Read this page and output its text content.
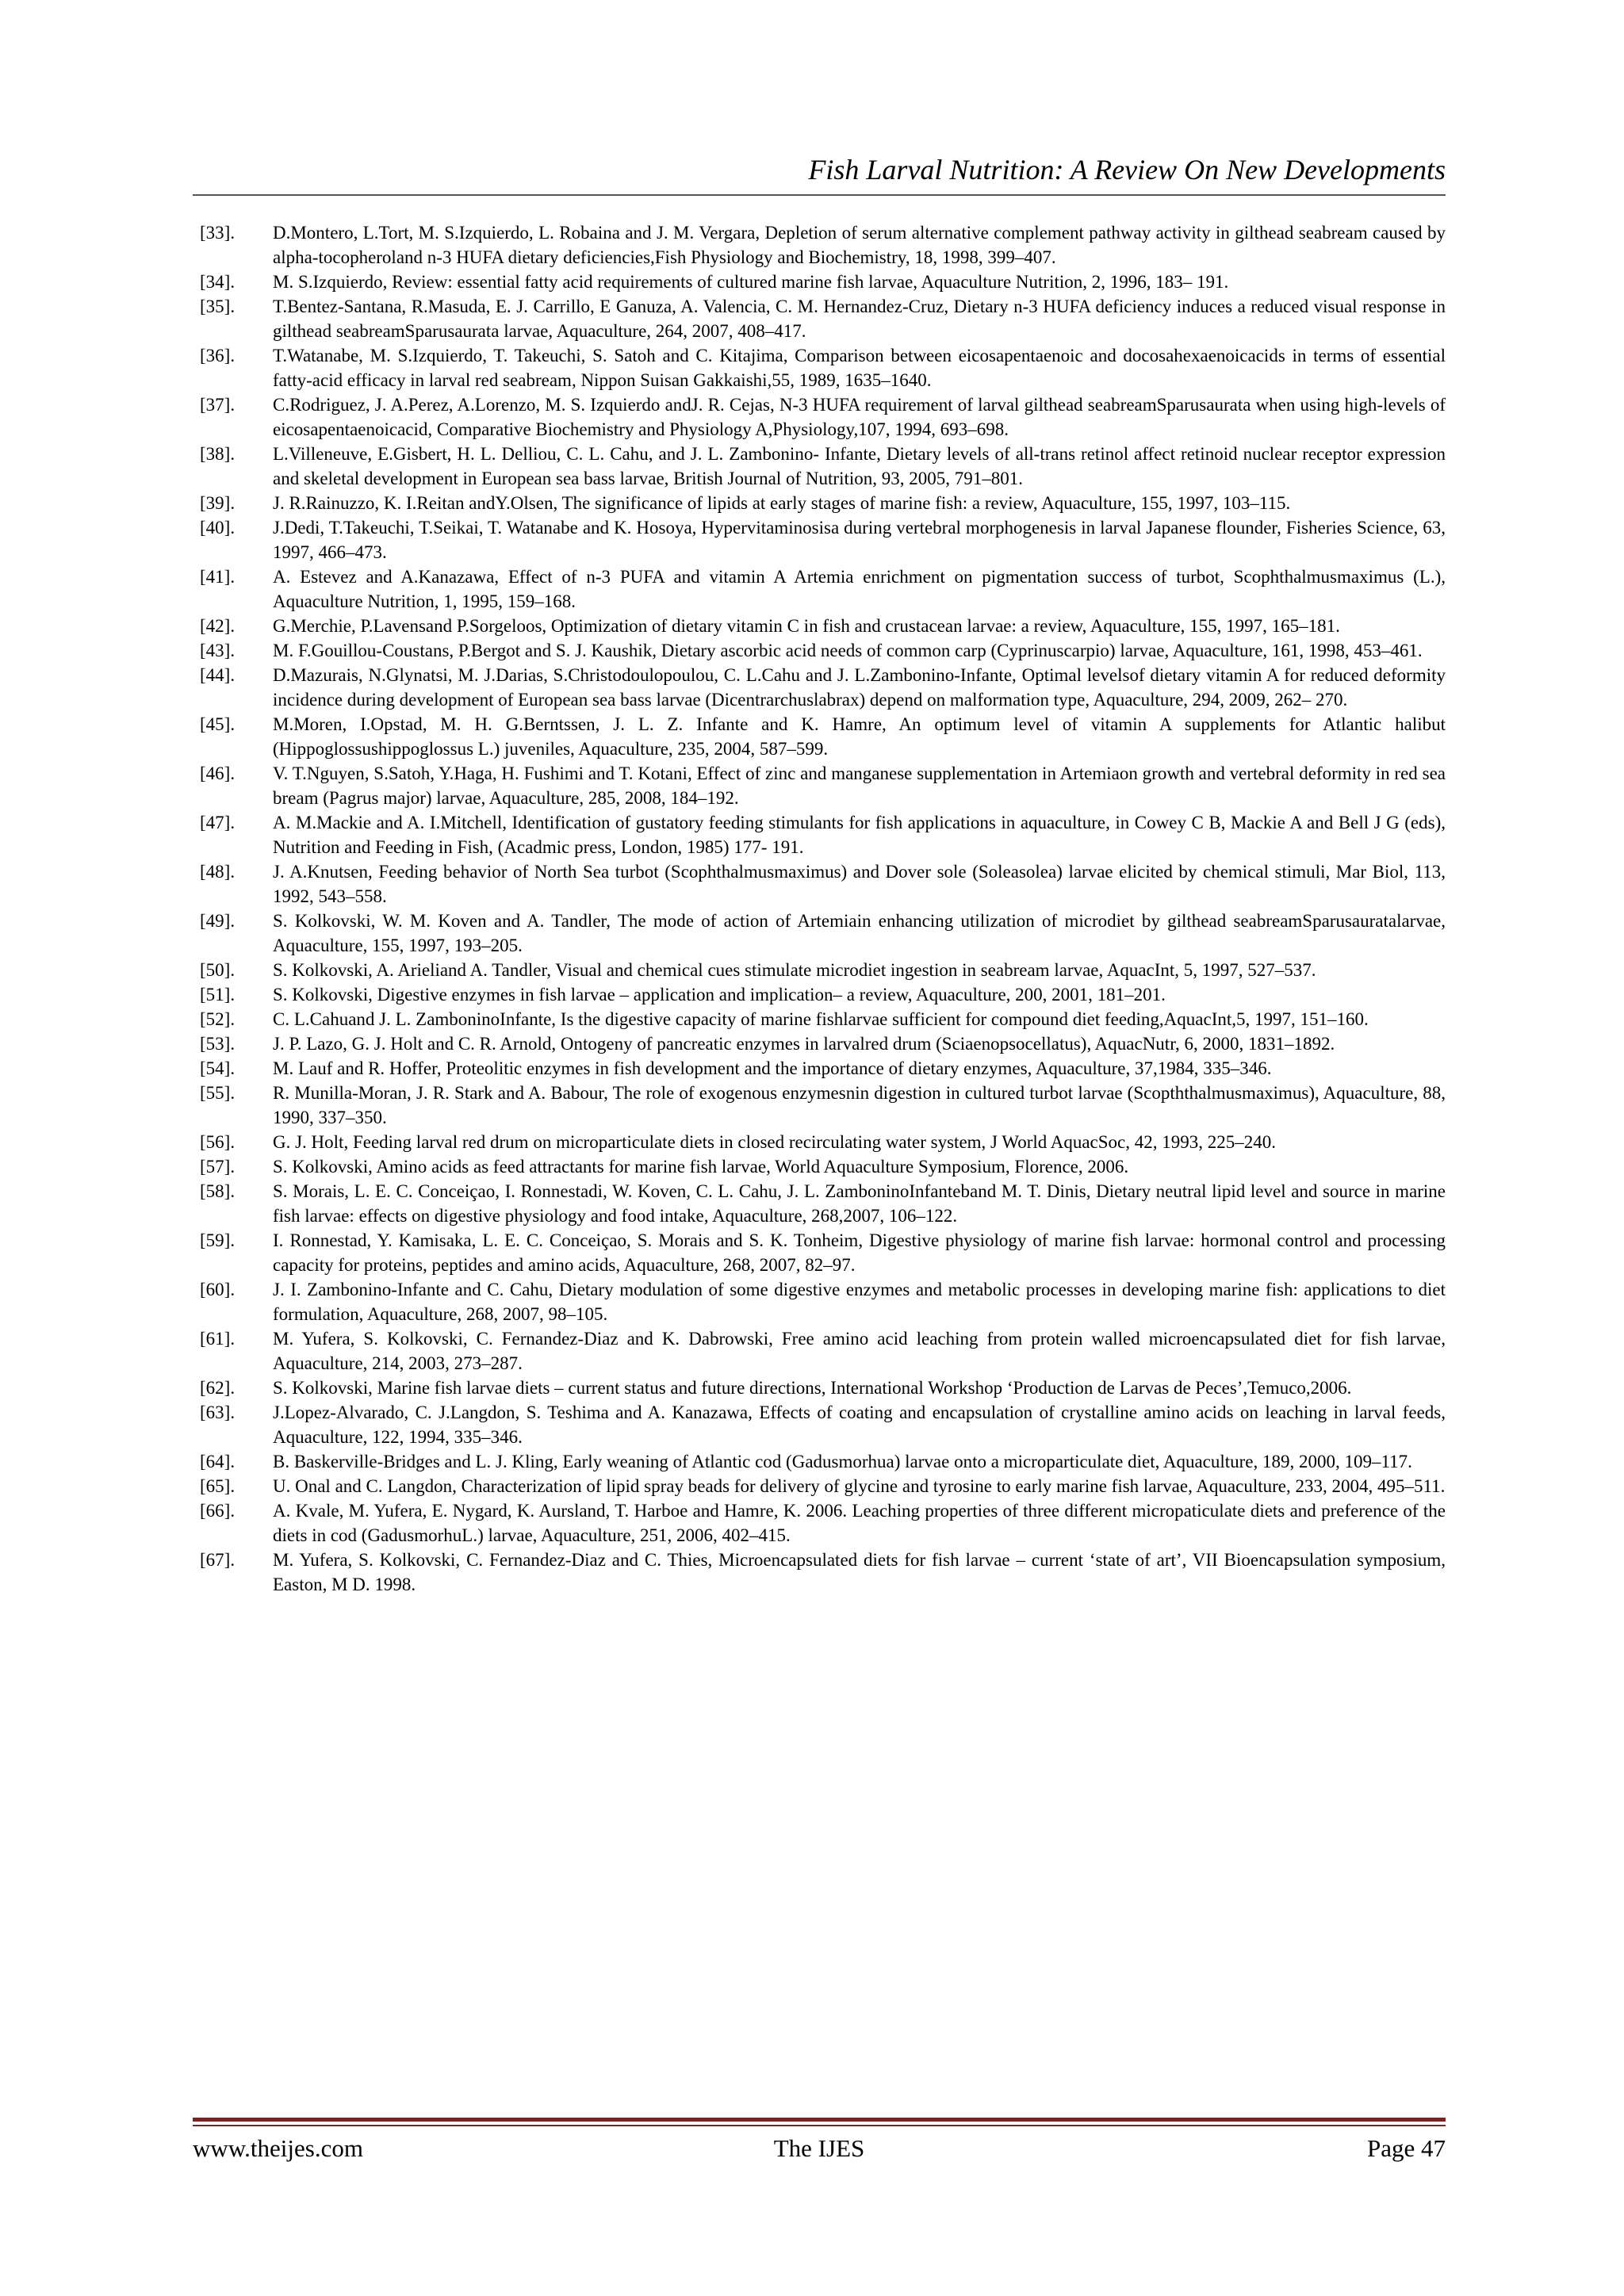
Fish Larval Nutrition: A Review On New Developments
[33].	D.Montero, L.Tort, M. S.Izquierdo, L. Robaina and J. M. Vergara, Depletion of serum alternative complement pathway activity in gilthead seabream caused by alpha-tocopheroland n-3 HUFA dietary deficiencies,Fish Physiology and Biochemistry, 18, 1998, 399–407.
[34].	M. S.Izquierdo, Review: essential fatty acid requirements of cultured marine fish larvae, Aquaculture Nutrition, 2, 1996, 183– 191.
[35].	T.Bentez-Santana, R.Masuda, E. J. Carrillo, E Ganuza, A. Valencia, C. M. Hernandez-Cruz, Dietary n-3 HUFA deficiency induces a reduced visual response in gilthead seabreamSparusaurata larvae, Aquaculture, 264, 2007, 408–417.
[36].	T.Watanabe, M. S.Izquierdo, T. Takeuchi, S. Satoh and C. Kitajima, Comparison between eicosapentaenoic and docosahexaenoicacids in terms of essential fatty-acid efficacy in larval red seabream, Nippon Suisan Gakkaishi,55, 1989, 1635–1640.
[37].	C.Rodriguez, J. A.Perez, A.Lorenzo, M. S. Izquierdo andJ. R. Cejas, N-3 HUFA requirement of larval gilthead seabreamSparusaurata when using high-levels of eicosapentaenoicacid, Comparative Biochemistry and Physiology A,Physiology,107, 1994, 693–698.
[38].	L.Villeneuve, E.Gisbert, H. L. Delliou, C. L. Cahu, and J. L. Zambonino- Infante, Dietary levels of all-trans retinol affect retinoid nuclear receptor expression and skeletal development in European sea bass larvae, British Journal of Nutrition, 93, 2005, 791–801.
[39].	J. R.Rainuzzo, K. I.Reitan andY.Olsen, The significance of lipids at early stages of marine fish: a review, Aquaculture, 155, 1997, 103–115.
[40].	J.Dedi, T.Takeuchi, T.Seikai, T. Watanabe and K. Hosoya, Hypervitaminosisa during vertebral morphogenesis in larval Japanese flounder, Fisheries Science, 63, 1997, 466–473.
[41].	A. Estevez and A.Kanazawa, Effect of n-3 PUFA and vitamin A Artemia enrichment on pigmentation success of turbot, Scophthalmusmaximus (L.), Aquaculture Nutrition, 1, 1995, 159–168.
[42].	G.Merchie, P.Lavensand P.Sorgeloos, Optimization of dietary vitamin C in fish and crustacean larvae: a review, Aquaculture, 155, 1997, 165–181.
[43].	M. F.Gouillou-Coustans, P.Bergot and S. J. Kaushik, Dietary ascorbic acid needs of common carp (Cyprinuscarpio) larvae, Aquaculture, 161, 1998, 453–461.
[44].	D.Mazurais, N.Glynatsi, M. J.Darias, S.Christodoulopoulou, C. L.Cahu and J. L.Zambonino-Infante, Optimal levelsof dietary vitamin A for reduced deformity incidence during development of European sea bass larvae (Dicentrarchuslabrax) depend on malformation type, Aquaculture, 294, 2009, 262– 270.
[45].	M.Moren, I.Opstad, M. H. G.Berntssen, J. L. Z. Infante and K. Hamre, An optimum level of vitamin A supplements for Atlantic halibut (Hippoglossushippoglossus L.) juveniles, Aquaculture, 235, 2004, 587–599.
[46].	V. T.Nguyen, S.Satoh, Y.Haga, H. Fushimi and T. Kotani, Effect of zinc and manganese supplementation in Artemiaon growth and vertebral deformity in red sea bream (Pagrus major) larvae, Aquaculture, 285, 2008, 184–192.
[47].	A. M.Mackie and A. I.Mitchell, Identification of gustatory feeding stimulants for fish applications in aquaculture, in Cowey C B, Mackie A and Bell J G (eds), Nutrition and Feeding in Fish, (Acadmic press, London, 1985) 177- 191.
[48].	J. A.Knutsen, Feeding behavior of North Sea turbot (Scophthalmusmaximus) and Dover sole (Soleasolea) larvae elicited by chemical stimuli, Mar Biol, 113, 1992, 543–558.
[49].	S. Kolkovski, W. M. Koven and A. Tandler, The mode of action of Artemiain enhancing utilization of microdiet by gilthead seabreamSparusauratalarvae, Aquaculture, 155, 1997, 193–205.
[50].	S. Kolkovski, A. Arieliand A. Tandler, Visual and chemical cues stimulate microdiet ingestion in seabream larvae, AquacInt, 5, 1997, 527–537.
[51].	S. Kolkovski, Digestive enzymes in fish larvae – application and implication– a review, Aquaculture, 200, 2001, 181–201.
[52].	C. L.Cahuand J. L. ZamboninoInfante, Is the digestive capacity of marine fishlarvae sufficient for compound diet feeding,AquacInt,5, 1997, 151–160.
[53].	J. P. Lazo, G. J. Holt and C. R. Arnold, Ontogeny of pancreatic enzymes in larvalred drum (Sciaenopsocellatus), AquacNutr, 6, 2000, 1831–1892.
[54].	M. Lauf and R. Hoffer, Proteolitic enzymes in fish development and the importance of dietary enzymes, Aquaculture, 37,1984, 335–346.
[55].	R. Munilla-Moran, J. R. Stark and A. Babour, The role of exogenous enzymesnin digestion in cultured turbot larvae (Scopththalmusmaximus), Aquaculture, 88, 1990, 337–350.
[56].	G. J. Holt, Feeding larval red drum on microparticulate diets in closed recirculating water system, J World AquacSoc, 42, 1993, 225–240.
[57].	S. Kolkovski, Amino acids as feed attractants for marine fish larvae, World Aquaculture Symposium, Florence, 2006.
[58].	S. Morais, L. E. C. Conceiçao, I. Ronnestadi, W. Koven, C. L. Cahu, J. L. ZamboninoInfanteband M. T. Dinis, Dietary neutral lipid level and source in marine fish larvae: effects on digestive physiology and food intake, Aquaculture, 268,2007, 106–122.
[59].	I. Ronnestad, Y. Kamisaka, L. E. C. Conceiçao, S. Morais and S. K. Tonheim, Digestive physiology of marine fish larvae: hormonal control and processing capacity for proteins, peptides and amino acids, Aquaculture, 268, 2007, 82–97.
[60].	J. I. Zambonino-Infante and C. Cahu, Dietary modulation of some digestive enzymes and metabolic processes in developing marine fish: applications to diet formulation, Aquaculture, 268, 2007, 98–105.
[61].	M. Yufera, S. Kolkovski, C. Fernandez-Diaz and K. Dabrowski, Free amino acid leaching from protein walled microencapsulated diet for fish larvae, Aquaculture, 214, 2003, 273–287.
[62].	S. Kolkovski, Marine fish larvae diets – current status and future directions, International Workshop ‘Production de Larvas de Peces’,Temuco,2006.
[63].	J.Lopez-Alvarado, C. J.Langdon, S. Teshima and A. Kanazawa, Effects of coating and encapsulation of crystalline amino acids on leaching in larval feeds, Aquaculture, 122, 1994, 335–346.
[64].	B. Baskerville-Bridges and L. J. Kling, Early weaning of Atlantic cod (Gadusmorhua) larvae onto a microparticulate diet, Aquaculture, 189, 2000, 109–117.
[65].	U. Onal and C. Langdon, Characterization of lipid spray beads for delivery of glycine and tyrosine to early marine fish larvae, Aquaculture, 233, 2004, 495–511.
[66].	A. Kvale, M. Yufera, E. Nygard, K. Aursland, T. Harboe and Hamre, K. 2006. Leaching properties of three different micropaticulate diets and preference of the diets in cod (GadusmorhuL.) larvae, Aquaculture, 251, 2006, 402–415.
[67].	M. Yufera, S. Kolkovski, C. Fernandez-Diaz and C. Thies, Microencapsulated diets for fish larvae – current ‘state of art’, VII Bioencapsulation symposium, Easton, M D. 1998.
www.theijes.com	The IJES	Page 47
